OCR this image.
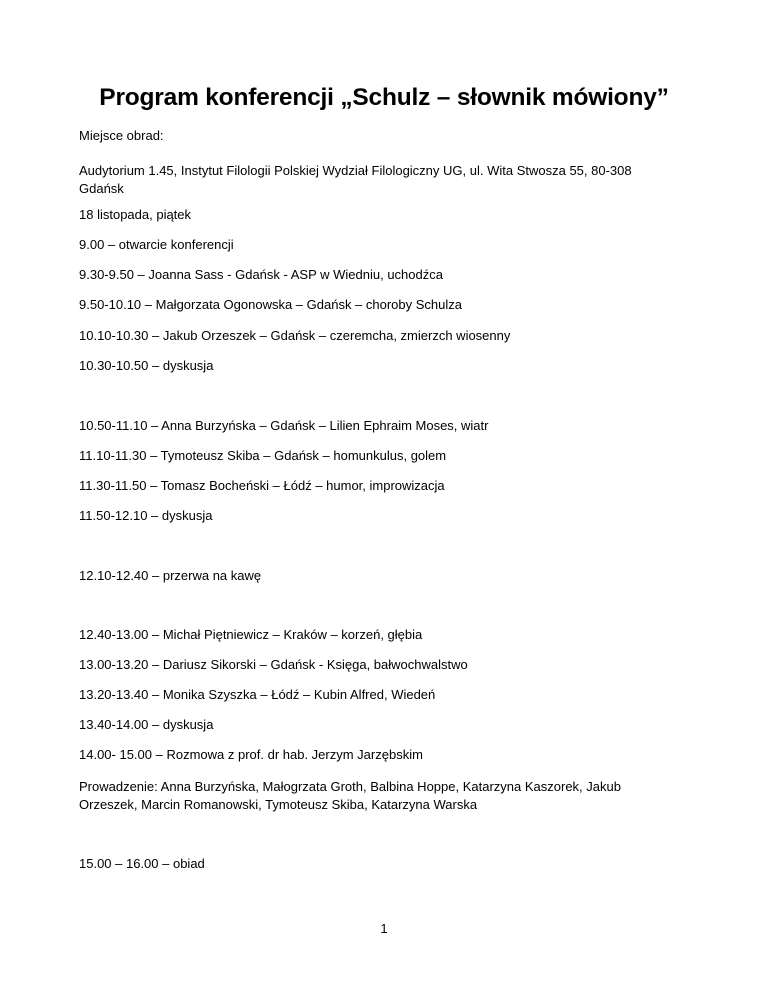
Program konferencji „Schulz – słownik mówiony”
Miejsce obrad:
Audytorium 1.45, Instytut Filologii Polskiej Wydział Filologiczny UG, ul. Wita Stwosza 55, 80-308 Gdańsk
18 listopada, piątek
9.00 – otwarcie konferencji
9.30-9.50 – Joanna Sass - Gdańsk - ASP w Wiedniu, uchodźca
9.50-10.10 – Małgorzata Ogonowska – Gdańsk – choroby Schulza
10.10-10.30 – Jakub Orzeszek – Gdańsk – czeremcha, zmierzch wiosenny
10.30-10.50 – dyskusja
10.50-11.10 – Anna Burzyńska – Gdańsk – Lilien Ephraim Moses, wiatr
11.10-11.30 – Tymoteusz Skiba – Gdańsk – homunkulus, golem
11.30-11.50 – Tomasz Bocheński – Łódź – humor, improwizacja
11.50-12.10 – dyskusja
12.10-12.40 – przerwa na kawę
12.40-13.00 – Michał Piętniewicz – Kraków – korzeń, głębia
13.00-13.20 – Dariusz Sikorski – Gdańsk - Księga, bałwochwalstwo
13.20-13.40 – Monika Szyszka – Łódź – Kubin Alfred, Wiedeń
13.40-14.00 – dyskusja
14.00- 15.00 – Rozmowa z prof. dr hab. Jerzym Jarzębskim
Prowadzenie: Anna Burzyńska, Małogrzata Groth, Balbina Hoppe, Katarzyna Kaszorek, Jakub Orzeszek, Marcin Romanowski, Tymoteusz Skiba, Katarzyna Warska
15.00 – 16.00 – obiad
1
